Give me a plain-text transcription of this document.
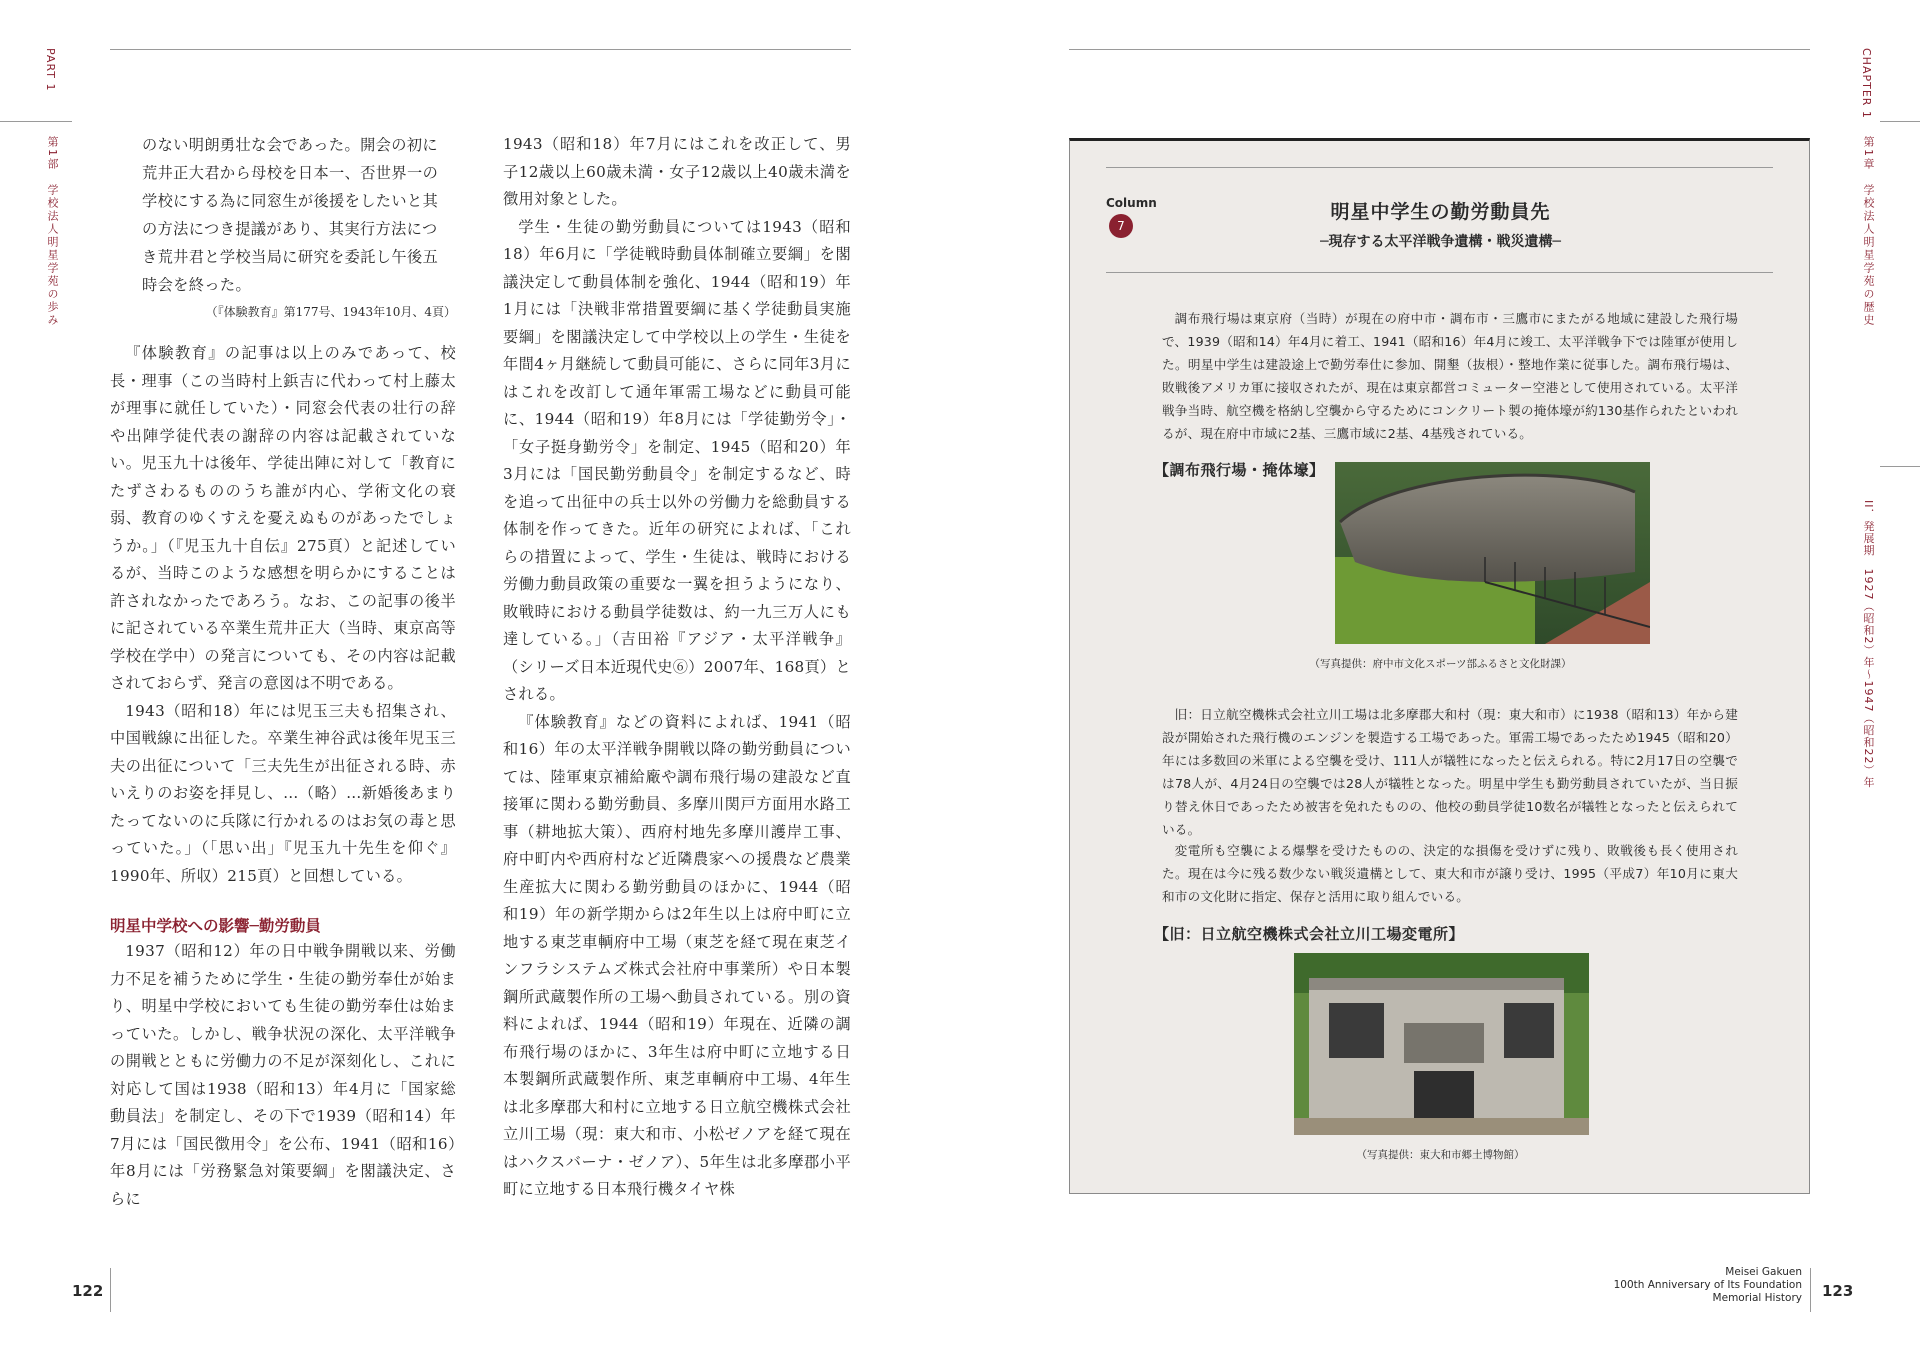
PART 1
第1部　学校法人明星学苑の歩み	のない明朗勇壮な会であった。開会の初に
荒井正大君から母校を日本一、否世界一の
学校にする為に同窓生が後援をしたいと其
の方法につき提議があり、其実行方法につ
き荒井君と学校当局に研究を委託し午後五
時会を終った。
（『体験教育』第177号、1943年10月、4頁）

『体験教育』の記事は以上のみであって、校長・理事（この当時村上鋲吉に代わって村上藤太が理事に就任していた）・同窓会代表の壮行の辞や出陣学徒代表の謝辞の内容は記載されていない。児玉九十は後年、学徒出陣に対して「教育にたずさわるもののうち誰が内心、学術文化の衰弱、教育のゆくすえを憂えぬものがあったでしょうか。」（『児玉九十自伝』275頁）と記述しているが、当時このような感想を明らかにすることは許されなかったであろう。なお、この記事の後半に記されている卒業生荒井正大（当時、東京高等学校在学中）の発言についても、その内容は記載されておらず、発言の意図は不明である。

1943（昭和18）年には児玉三夫も招集され、中国戦線に出征した。卒業生神谷武は後年児玉三夫の出征について「三夫先生が出征される時、赤いえりのお姿を拝見し、…（略）…新婚後あまりたってないのに兵隊に行かれるのはお気の毒と思っていた。」（「思い出」『児玉九十先生を仰ぐ』1990年、所収）215頁）と回想している。

明星中学校への影響─勤労動員

1937（昭和12）年の日中戦争開戦以来、労働力不足を補うために学生・生徒の勤労奉仕が始まり、明星中学校においても生徒の勤労奉仕は始まっていた。しかし、戦争状況の深化、太平洋戦争の開戦とともに労働力の不足が深刻化し、これに対応して国は1938（昭和13）年4月に「国家総動員法」を制定し、その下で1939（昭和14）年7月には「国民徴用令」を公布、1941（昭和16）年8月には「労務緊急対策要綱」を閣議決定、さらに

1943（昭和18）年7月にはこれを改正して、男子12歳以上60歳未満・女子12歳以上40歳未満を徴用対象とした。

学生・生徒の勤労動員については1943（昭和18）年6月に「学徒戦時動員体制確立要綱」を閣議決定して動員体制を強化、1944（昭和19）年1月には「決戦非常措置要綱に基く学徒動員実施要綱」を閣議決定して中学校以上の学生・生徒を年間4ヶ月継続して動員可能に、さらに同年3月にはこれを改訂して通年軍需工場などに動員可能に、1944（昭和19）年8月には「学徒勤労令」・「女子挺身勤労令」を制定、1945（昭和20）年3月には「国民勤労動員令」を制定するなど、時を追って出征中の兵士以外の労働力を総動員する体制を作ってきた。近年の研究によれば、「これらの措置によって、学生・生徒は、戦時における労働力動員政策の重要な一翼を担うようになり、敗戦時における動員学徒数は、約一九三万人にも達している。」（吉田裕『アジア・太平洋戦争』（シリーズ日本近現代史⑥）2007年、168頁）とされる。

『体験教育』などの資料によれば、1941（昭和16）年の太平洋戦争開戦以降の勤労動員については、陸軍東京補給廠や調布飛行場の建設など直接軍に関わる勤労動員、多摩川関戸方面用水路工事（耕地拡大策）、西府村地先多摩川護岸工事、府中町内や西府村など近隣農家への援農など農業生産拡大に関わる勤労動員のほかに、1944（昭和19）年の新学期からは2年生以上は府中町に立地する東芝車輌府中工場（東芝を経て現在東芝インフラシステムズ株式会社府中事業所）や日本製鋼所武蔵製作所の工場へ動員されている。別の資料によれば、1944（昭和19）年現在、近隣の調布飛行場のほかに、3年生は府中町に立地する日本製鋼所武蔵製作所、東芝車輌府中工場、4年生は北多摩郡大和村に立地する日立航空機株式会社立川工場（現：東大和市、小松ゼノアを経て現在はハクスバーナ・ゼノア）、5年生は北多摩郡小平町に立地する日本飛行機タイヤ株

122
CHAPTER 1
第1章　学校法人明星学苑の歴史
II．発展期　1927（昭和2）年～1947（昭和22）年
Column
7
明星中学生の勤労動員先
─現存する太平洋戦争遺構・戦災遺構─

調布飛行場は東京府（当時）が現在の府中市・調布市・三鷹市にまたがる地域に建設した飛行場で、1939（昭和14）年4月に着工、1941（昭和16）年4月に竣工、太平洋戦争下では陸軍が使用した。明星中学生は建設途上で勤労奉仕に参加、開墾（抜根）・整地作業に従事した。調布飛行場は、敗戦後アメリカ軍に接収されたが、現在は東京都営コミューター空港として使用されている。太平洋戦争当時、航空機を格納し空襲から守るためにコンクリート製の掩体壕が約130基作られたといわれるが、現在府中市域に2基、三鷹市域に2基、4基残されている。

【調布飛行場・掩体壕】
（写真提供：府中市文化スポーツ部ふるさと文化財課）

旧：日立航空機株式会社立川工場は北多摩郡大和村（現：東大和市）に1938（昭和13）年から建設が開始された飛行機のエンジンを製造する工場であった。軍需工場であったため1945（昭和20）年には多数回の米軍による空襲を受け、111人が犠牲になったと伝えられる。特に2月17日の空襲では78人が、4月24日の空襲では28人が犠牲となった。明星中学生も勤労動員されていたが、当日振り替え休日であったため被害を免れたものの、他校の動員学徒10数名が犠牲となったと伝えられている。

変電所も空襲による爆撃を受けたものの、決定的な損傷を受けずに残り、敗戦後も長く使用された。現在は今に残る数少ない戦災遺構として、東大和市が譲り受け、1995（平成7）年10月に東大和市の文化財に指定、保存と活用に取り組んでいる。

【旧：日立航空機株式会社立川工場変電所】
（写真提供：東大和市郷土博物館）
Meisei Gakuen
100th Anniversary of Its Foundation
Memorial History 123
